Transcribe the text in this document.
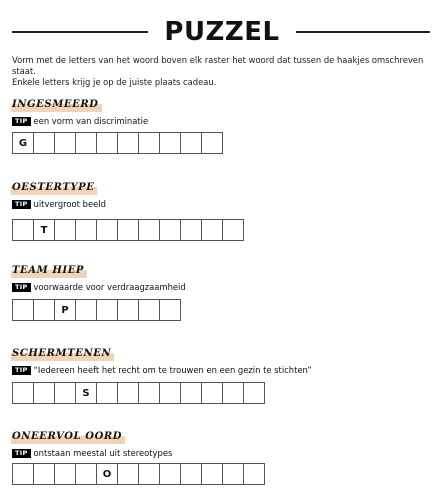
PUZZEL
Vorm met de letters van het woord boven elk raster het woord dat tussen de haakjes omschreven staat.
Enkele letters krijg je op de juiste plaats cadeau.
INGESMEERD
TIP een vorm van discriminatie
G
OESTERTYPE
TIP uitvergroot beeld
T
TEAM HIEP
TIP voorwaarde voor verdraagzaamheid
P
SCHERMTENEN
TIP “Iedereen heeft het recht om te trouwen en een gezin te stichten”
S
ONEERVOL OORD
TIP ontstaan meestal uit stereotypes
O
